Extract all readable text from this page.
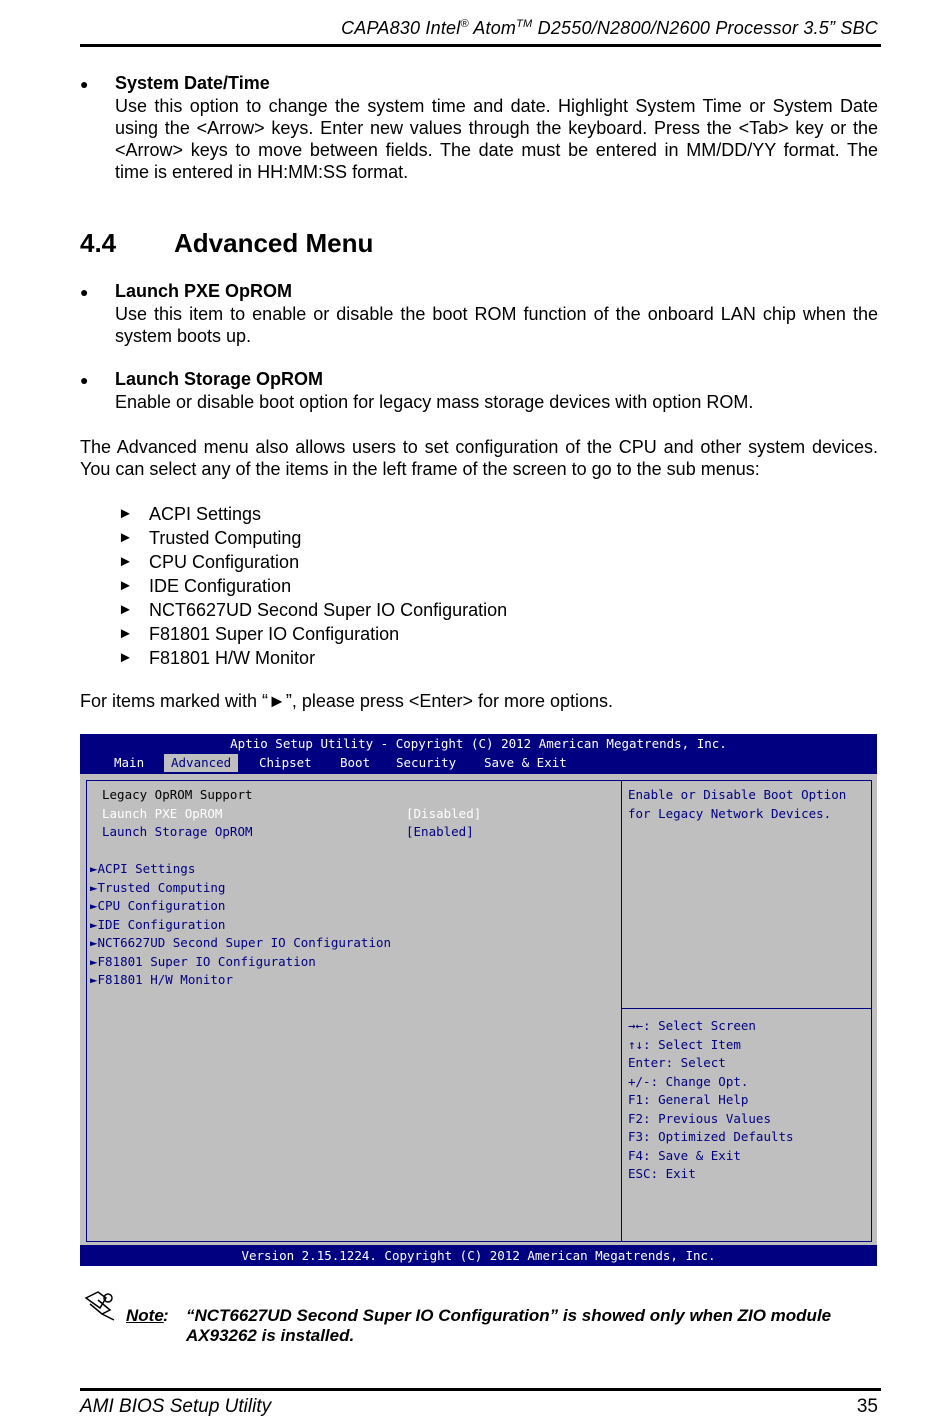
CAPA830 Intel® Atom™ D2550/N2800/N2600 Processor 3.5” SBC
● System Date/Time
Use this option to change the system time and date. Highlight System Time or System Date using the <Arrow> keys. Enter new values through the keyboard. Press the <Tab> key or the <Arrow> keys to move between fields. The date must be entered in MM/DD/YY format. The time is entered in HH:MM:SS format.
4.4 Advanced Menu
● Launch PXE OpROM
Use this item to enable or disable the boot ROM function of the onboard LAN chip when the system boots up.
● Launch Storage OpROM
Enable or disable boot option for legacy mass storage devices with option ROM.
The Advanced menu also allows users to set configuration of the CPU and other system devices. You can select any of the items in the left frame of the screen to go to the sub menus:
► ACPI Settings
► Trusted Computing
► CPU Configuration
► IDE Configuration
► NCT6627UD Second Super IO Configuration
► F81801 Super IO Configuration
► F81801 H/W Monitor
For items marked with “►”, please press <Enter> for more options.
Aptio Setup Utility - Copyright (C) 2012 American Megatrends, Inc.
Main	Advanced	Chipset Boot Security Save & Exit
Legacy OpROM Support
Launch PXE OpROM	[Disabled]
Launch Storage OpROM	[Enabled]
►ACPI Settings
►Trusted Computing
►CPU Configuration
►IDE Configuration
►NCT6627UD Second Super IO Configuration
►F81801 Super IO Configuration
►F81801 H/W Monitor
Enable or Disable Boot Option
for Legacy Network Devices.
→←: Select Screen
↑↓: Select Item
Enter: Select
+/-: Change Opt.
F1: General Help
F2: Previous Values
F3: Optimized Defaults
F4: Save & Exit
ESC: Exit
Version 2.15.1224. Copyright (C) 2012 American Megatrends, Inc.
Note : “NCT6627UD Second Super IO Configuration” is showed only when ZIO module AX93262 is installed.
AMI BIOS Setup Utility	35
